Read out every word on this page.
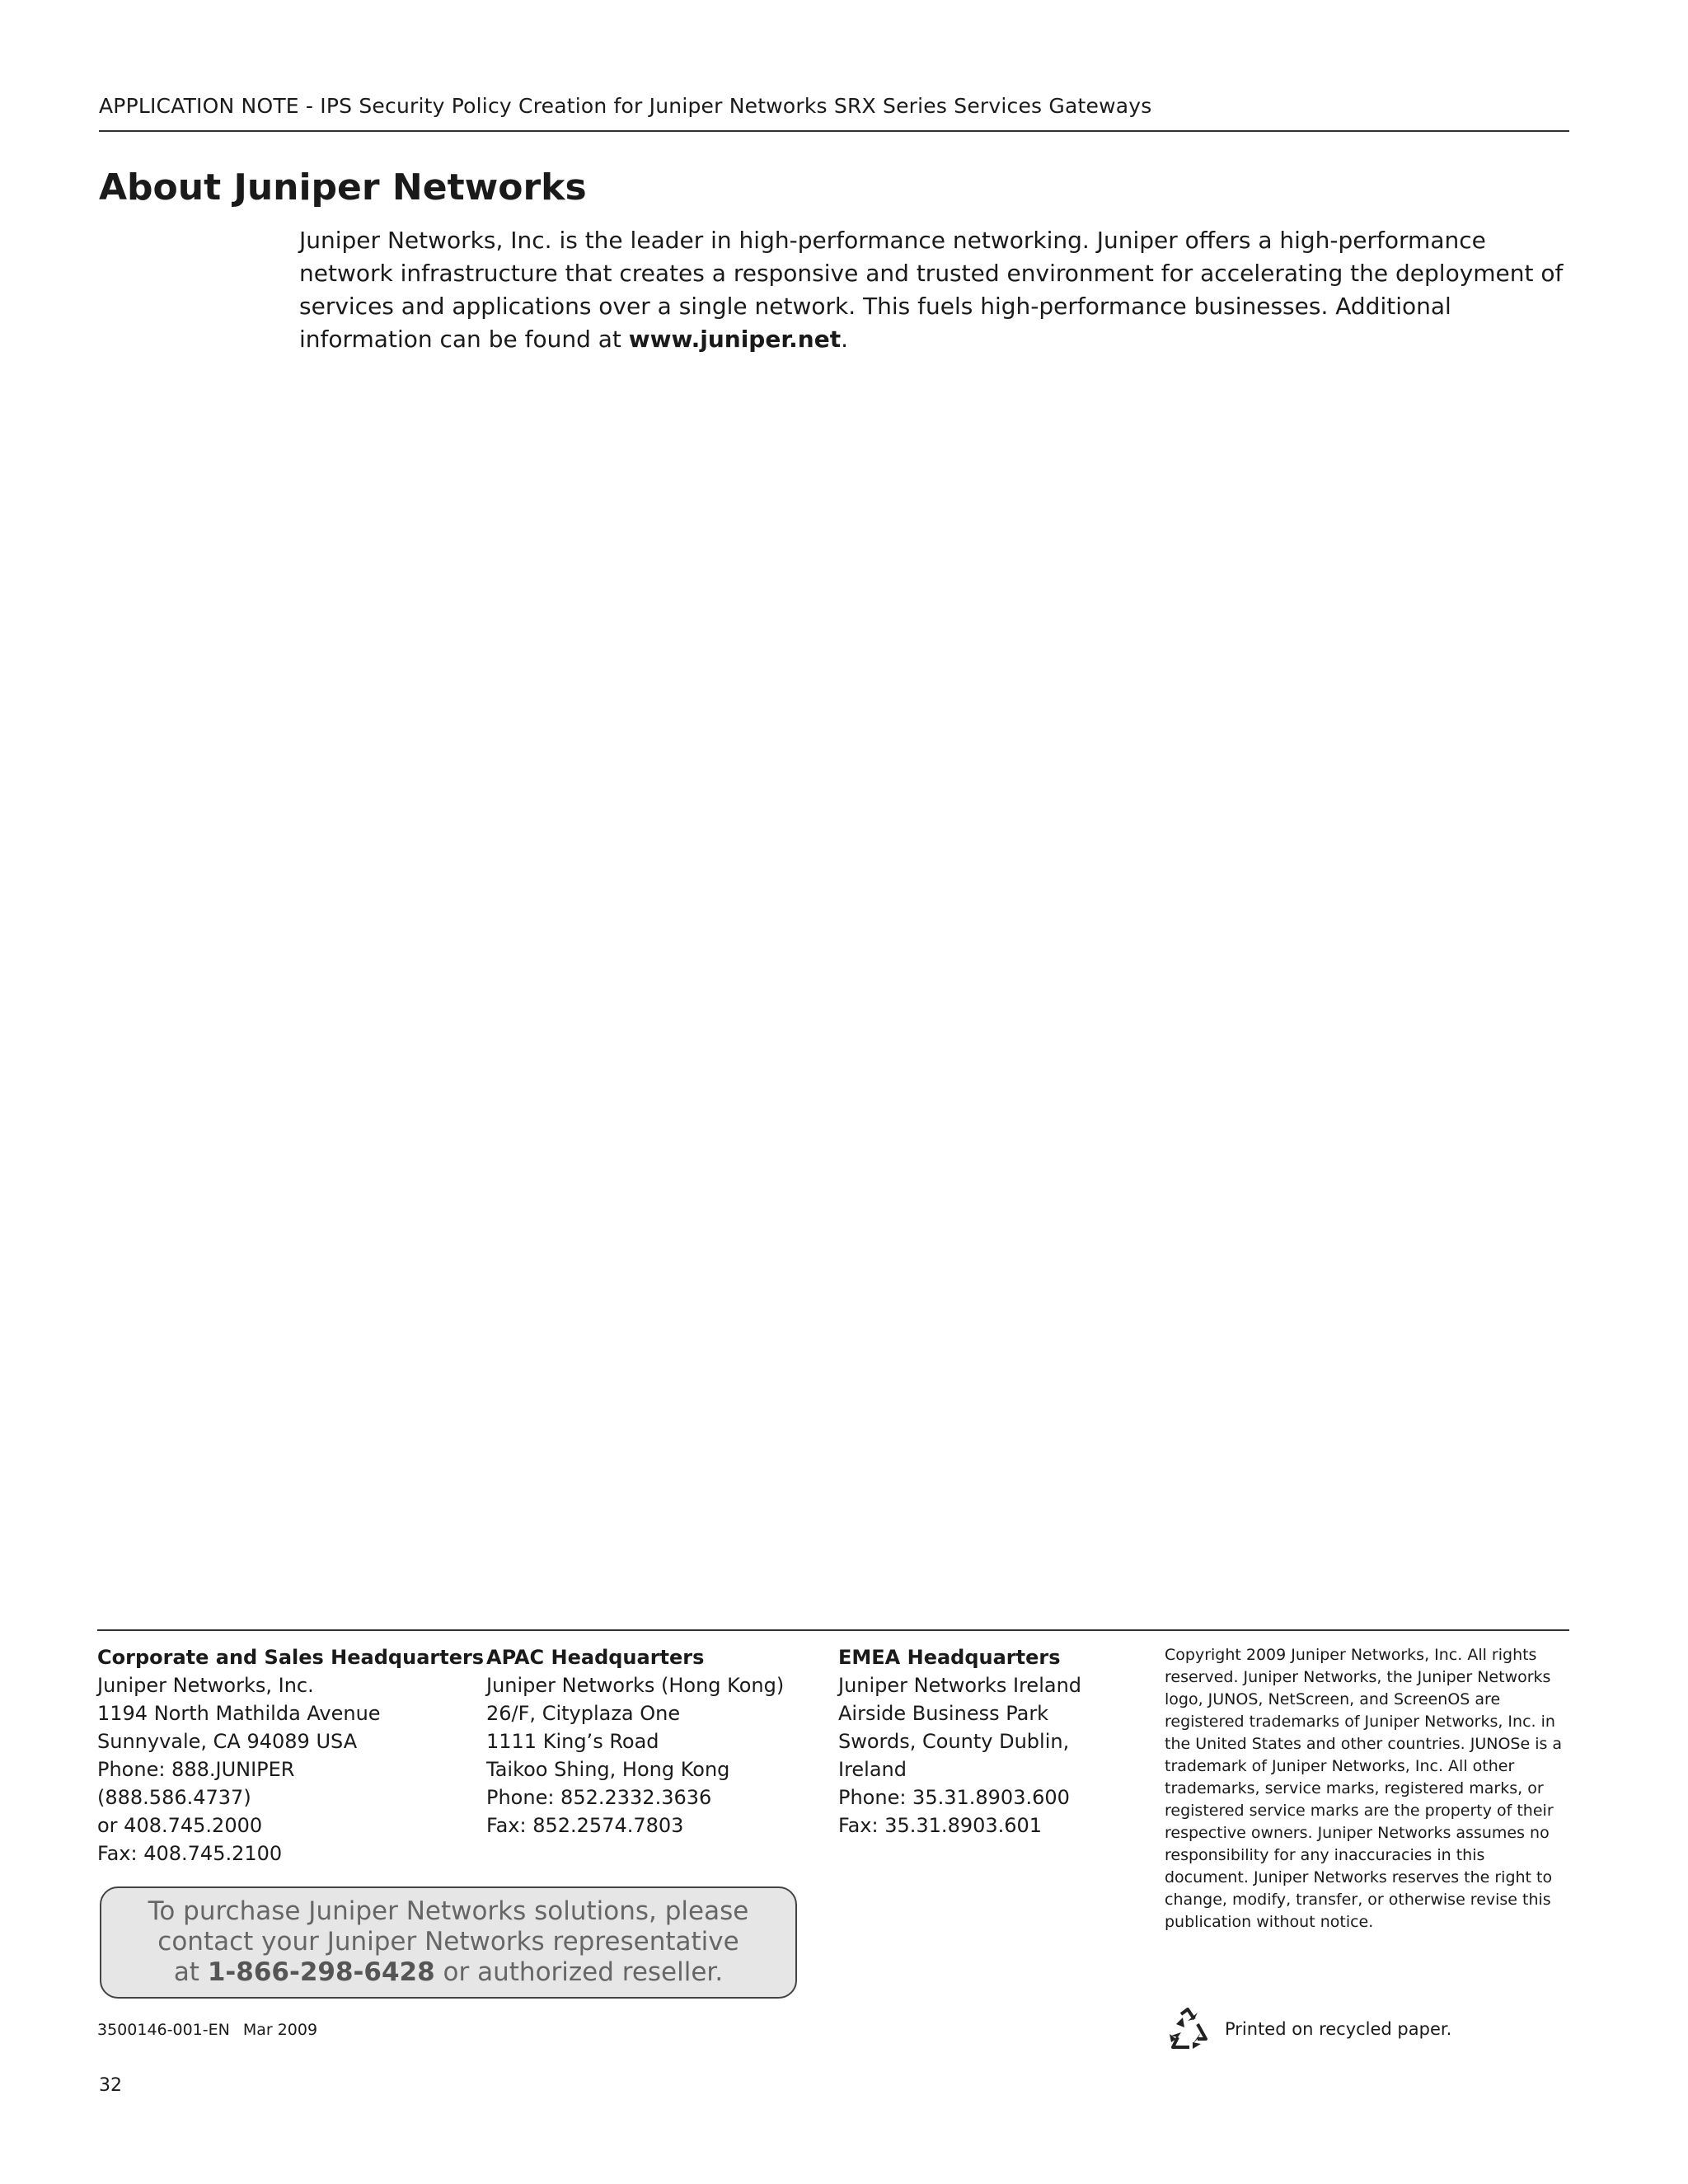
APPLICATION NOTE - IPS Security Policy Creation for Juniper Networks SRX Series Services Gateways
About Juniper Networks

Juniper Networks, Inc. is the leader in high-performance networking. Juniper offers a high-performance network infrastructure that creates a responsive and trusted environment for accelerating the deployment of services and applications over a single network. This fuels high-performance businesses. Additional information can be found at www.juniper.net.

Corporate and Sales Headquarters
Juniper Networks, Inc.
1194 North Mathilda Avenue
Sunnyvale, CA 94089 USA
Phone: 888.JUNIPER
(888.586.4737)
or 408.745.2000
Fax: 408.745.2100
APAC Headquarters
Juniper Networks (Hong Kong)
26/F, Cityplaza One
1111 King’s Road
Taikoo Shing, Hong Kong
Phone: 852.2332.3636
Fax: 852.2574.7803
EMEA Headquarters
Juniper Networks Ireland
Airside Business Park
Swords, County Dublin,
Ireland
Phone: 35.31.8903.600
Fax: 35.31.8903.601
Copyright 2009 Juniper Networks, Inc. All rights reserved. Juniper Networks, the Juniper Networks logo, JUNOS, NetScreen, and ScreenOS are registered trademarks of Juniper Networks, Inc. in the United States and other countries. JUNOSe is a trademark of Juniper Networks, Inc. All other trademarks, service marks, registered marks, or registered service marks are the property of their respective owners. Juniper Networks assumes no responsibility for any inaccuracies in this document. Juniper Networks reserves the right to change, modify, transfer, or otherwise revise this publication without notice.
To purchase Juniper Networks solutions, please
contact your Juniper Networks representative
at 1-866-298-6428 or authorized reseller.
3500146-001-EN Mar 2009	Printed on recycled paper.
32
